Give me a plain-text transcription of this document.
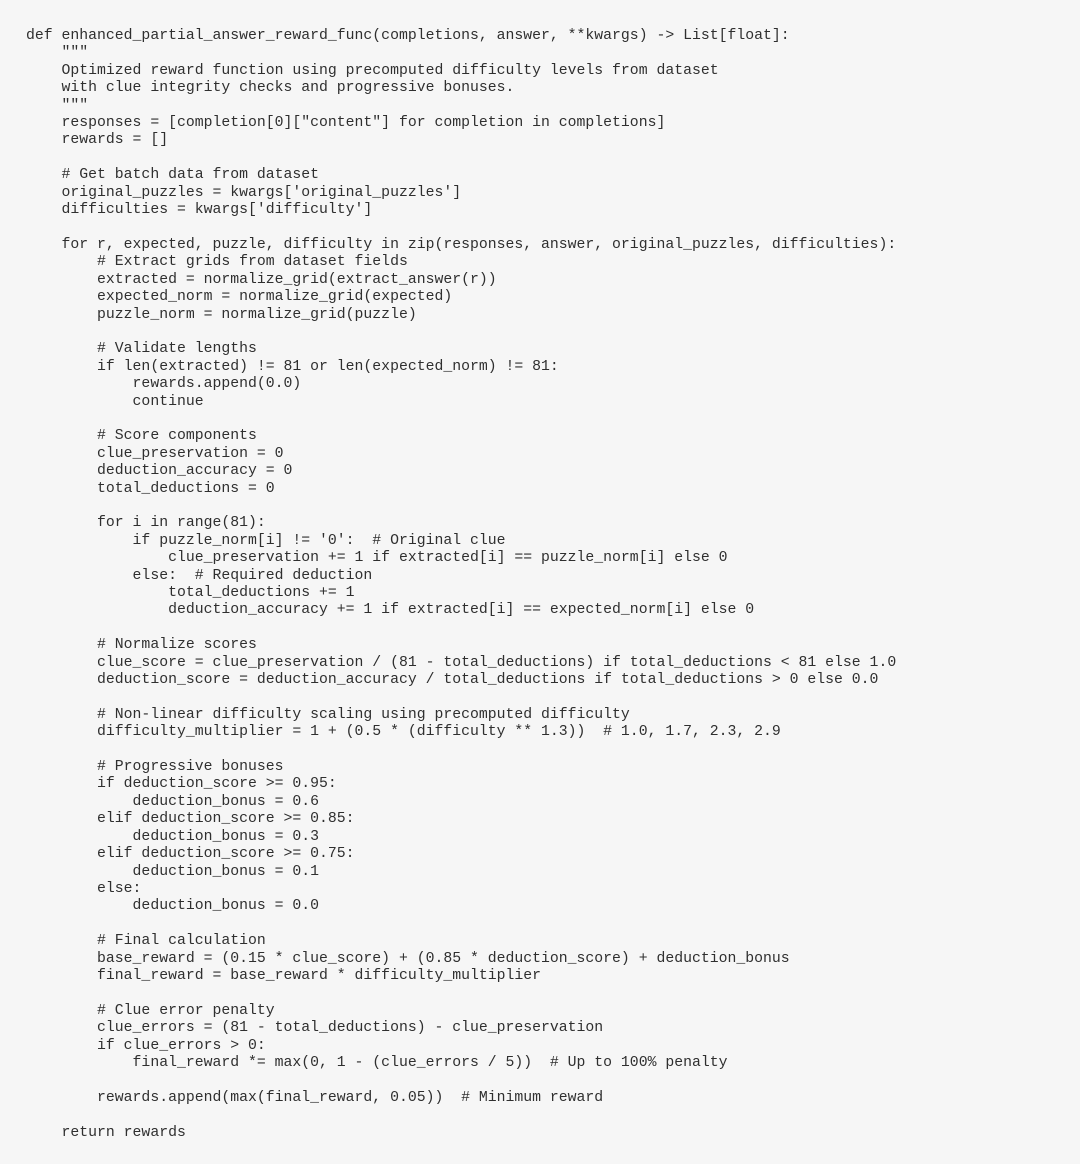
def enhanced_partial_answer_reward_func(completions, answer, **kwargs) -> List[float]:
"""
Optimized reward function using precomputed difficulty levels from dataset
with clue integrity checks and progressive bonuses.
"""
responses = [completion[0]["content"] for completion in completions]
rewards = []
# Get batch data from dataset
original_puzzles = kwargs['original_puzzles']
difficulties = kwargs['difficulty']
for r, expected, puzzle, difficulty in zip(responses, answer, original_puzzles, difficulties):
# Extract grids from dataset fields
extracted = normalize_grid(extract_answer(r))
expected_norm = normalize_grid(expected)
puzzle_norm = normalize_grid(puzzle)
# Validate lengths
if len(extracted) != 81 or len(expected_norm) != 81:
rewards.append(0.0)
continue
# Score components
clue_preservation = 0
deduction_accuracy = 0
total_deductions = 0
for i in range(81):
if puzzle_norm[i] != '0':  # Original clue
clue_preservation += 1 if extracted[i] == puzzle_norm[i] else 0
else:  # Required deduction
total_deductions += 1
deduction_accuracy += 1 if extracted[i] == expected_norm[i] else 0
# Normalize scores
clue_score = clue_preservation / (81 - total_deductions) if total_deductions < 81 else 1.0
deduction_score = deduction_accuracy / total_deductions if total_deductions > 0 else 0.0
# Non-linear difficulty scaling using precomputed difficulty
difficulty_multiplier = 1 + (0.5 * (difficulty ** 1.3))  # 1.0, 1.7, 2.3, 2.9
# Progressive bonuses
if deduction_score >= 0.95:
deduction_bonus = 0.6
elif deduction_score >= 0.85:
deduction_bonus = 0.3
elif deduction_score >= 0.75:
deduction_bonus = 0.1
else:
deduction_bonus = 0.0
# Final calculation
base_reward = (0.15 * clue_score) + (0.85 * deduction_score) + deduction_bonus
final_reward = base_reward * difficulty_multiplier
# Clue error penalty
clue_errors = (81 - total_deductions) - clue_preservation
if clue_errors > 0:
final_reward *= max(0, 1 - (clue_errors / 5))  # Up to 100% penalty
rewards.append(max(final_reward, 0.05))  # Minimum reward
return rewards
